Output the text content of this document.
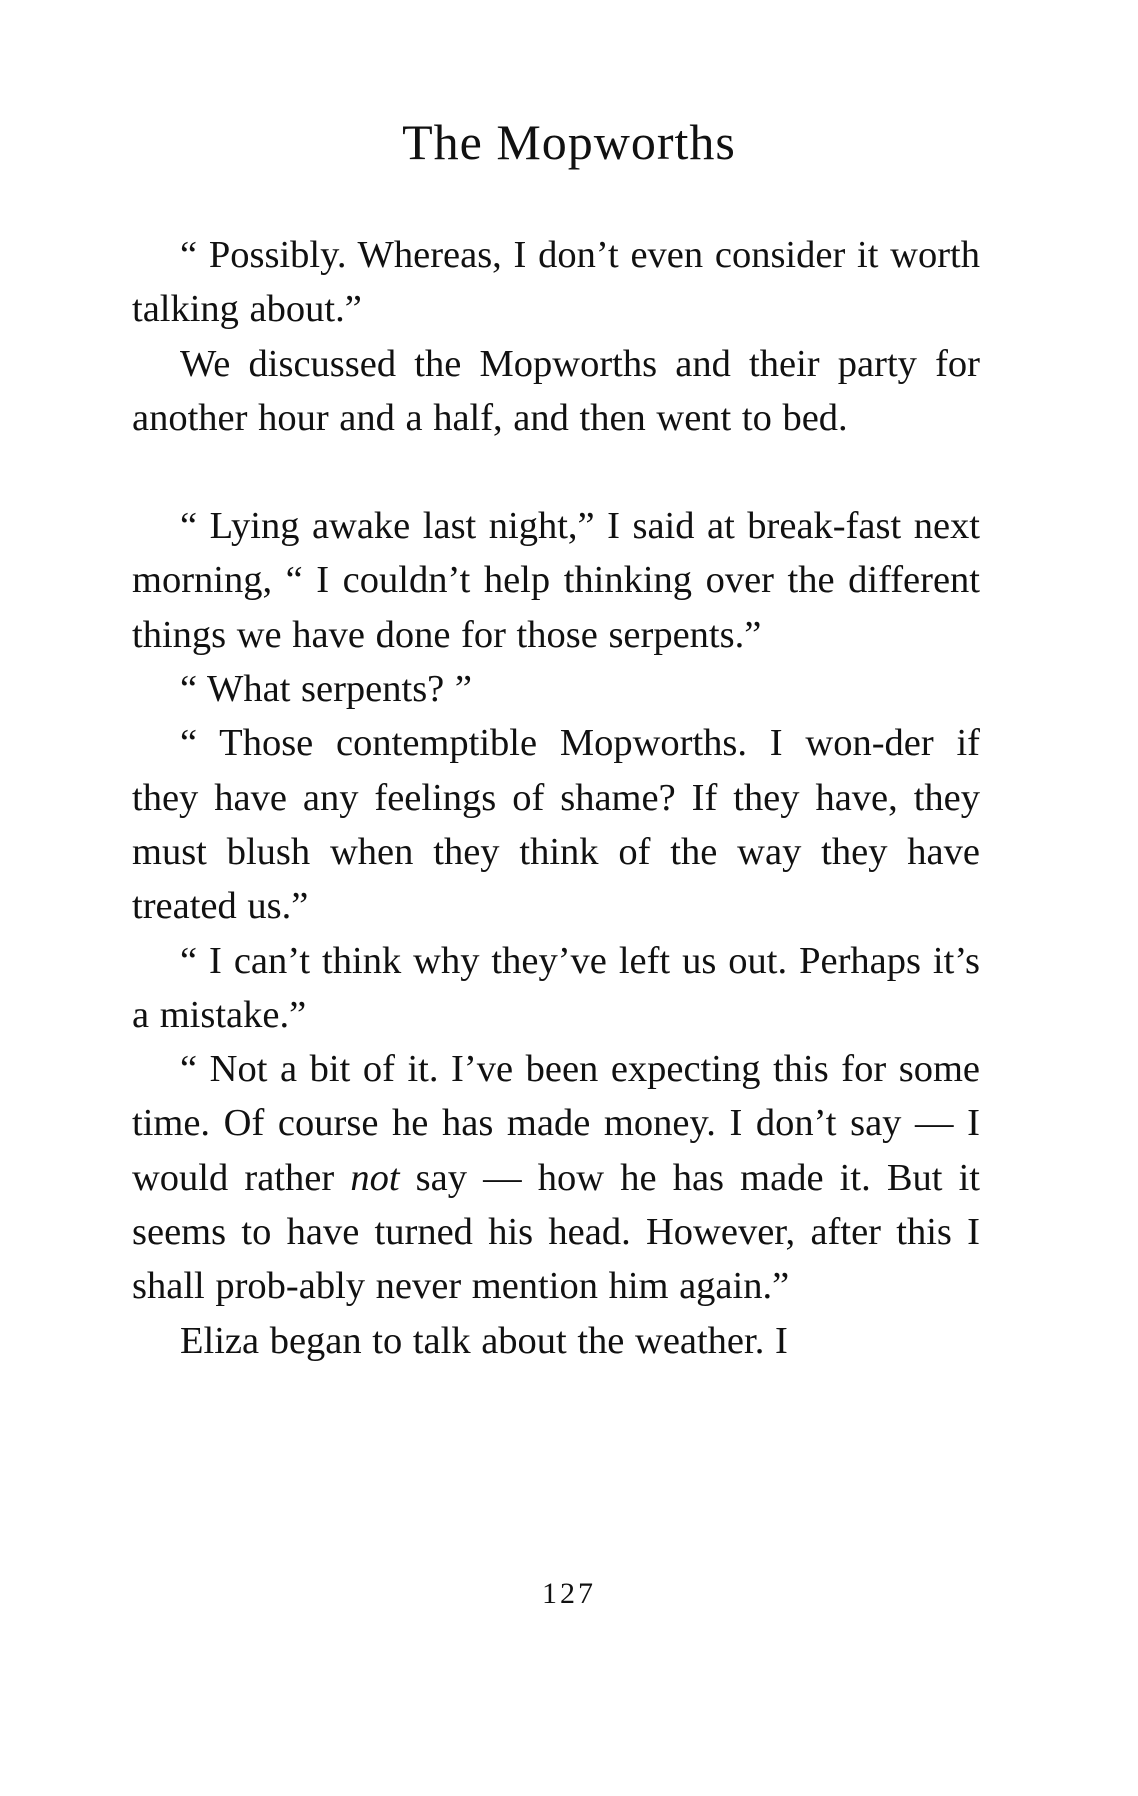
The Mopworths

“ Possibly. Whereas, I don’t even consider it worth talking about.”

We discussed the Mopworths and their party for another hour and a half, and then went to bed.

“ Lying awake last night,” I said at break-fast next morning, “ I couldn’t help thinking over the different things we have done for those serpents.”

“ What serpents? ”

“ Those contemptible Mopworths. I won-der if they have any feelings of shame? If they have, they must blush when they think of the way they have treated us.”

“ I can’t think why they’ve left us out. Perhaps it’s a mistake.”

“ Not a bit of it. I’ve been expecting this for some time. Of course he has made money. I don’t say — I would rather not say — how he has made it. But it seems to have turned his head. However, after this I shall prob-ably never mention him again.”

Eliza began to talk about the weather. I

127
